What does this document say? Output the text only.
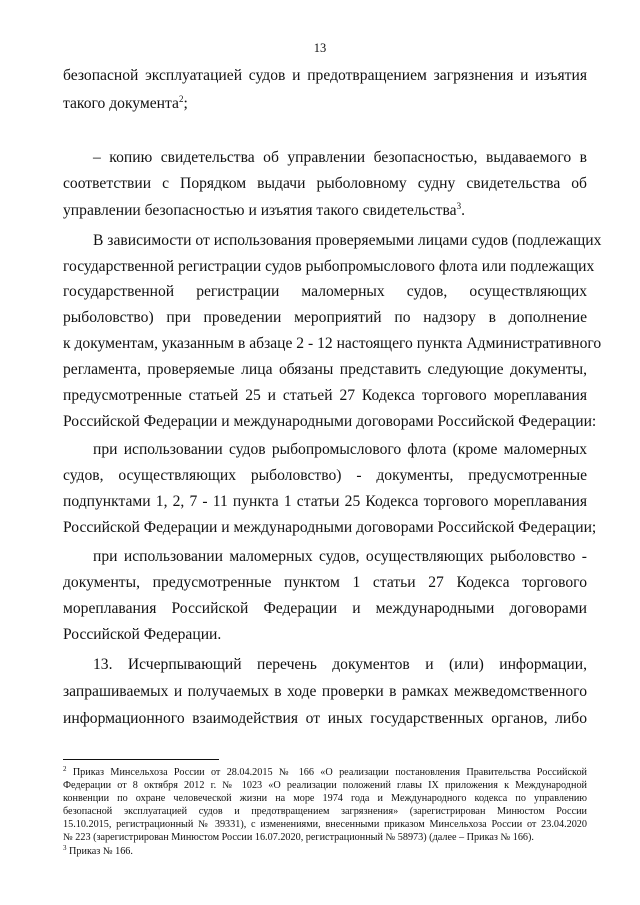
13
безопасной эксплуатацией судов и предотвращением загрязнения и изъятия
такого документа$^2$;
– копию свидетельства об управлении безопасностью, выдаваемого в
соответствии с Порядком выдачи рыболовному судну свидетельства об
управлении безопасностью и изъятия такого свидетельства$^3$.
В зависимости от использования проверяемыми лицами судов (подлежащих
государственной регистрации судов рыбопромыслового флота или подлежащих
государственной регистрации маломерных судов, осуществляющих
рыболовство) при проведении мероприятий по надзору в дополнение
к документам, указанным в абзаце 2 - 12 настоящего пункта Административного
регламента, проверяемые лица обязаны представить следующие документы,
предусмотренные статьей 25 и статьей 27 Кодекса торгового мореплавания
Российской Федерации и международными договорами Российской Федерации:
при использовании судов рыбопромыслового флота (кроме маломерных
судов, осуществляющих рыболовство) - документы, предусмотренные
подпунктами 1, 2, 7 - 11 пункта 1 статьи 25 Кодекса торгового мореплавания
Российской Федерации и международными договорами Российской Федерации;
при использовании маломерных судов, осуществляющих рыболовство -
документы, предусмотренные пунктом 1 статьи 27 Кодекса торгового
мореплавания Российской Федерации и международными договорами
Российской Федерации.
13. Исчерпывающий перечень документов и (или) информации,
запрашиваемых и получаемых в ходе проверки в рамках межведомственного
информационного взаимодействия от иных государственных органов, либо
$^2$ Приказ Минсельхоза России от 28.04.2015 № 166 «О реализации постановления Правительства Российской
Федерации от 8 октября 2012 г. № 1023 «О реализации положений главы IX приложения к Международной
конвенции по охране человеческой жизни на море 1974 года и Международного кодекса по управлению
безопасной эксплуатацией судов и предотвращением загрязнения» (зарегистрирован Минюстом России
15.10.2015, регистрационный № 39331), с изменениями, внесенными приказом Минсельхоза России от 23.04.2020
№ 223 (зарегистрирован Минюстом России 16.07.2020, регистрационный № 58973) (далее – Приказ № 166).
$^3$ Приказ № 166.
